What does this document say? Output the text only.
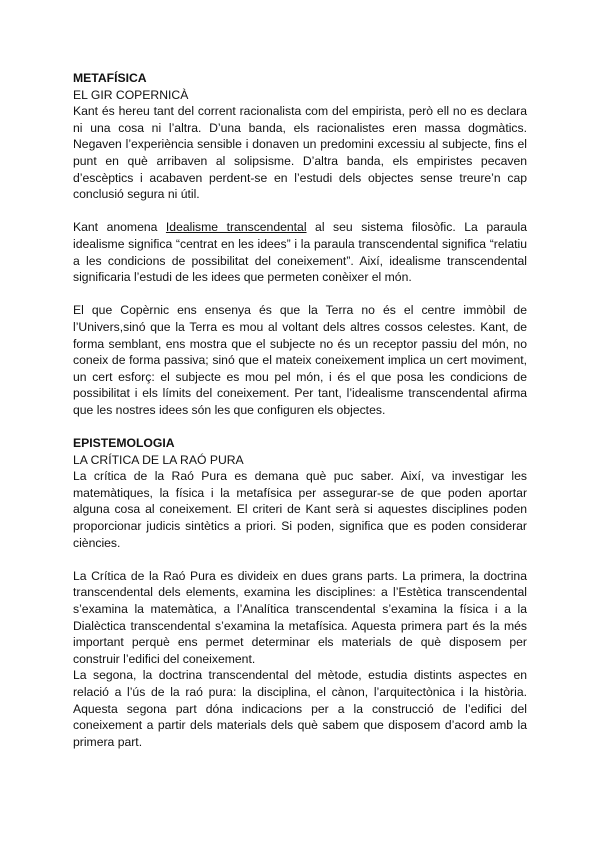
METAFÍSICA
EL GIR COPERNICÀ

Kant és hereu tant del corrent racionalista com del empirista, però ell no es declara ni una cosa ni l’altra. D’una banda, els racionalistes eren massa dogmàtics. Negaven l’experiència sensible i donaven un predomini excessiu al subjecte, fins el punt en què arribaven al solipsisme. D’altra banda, els empiristes pecaven d’escèptics i acabaven perdent-se en l’estudi dels objectes sense treure’n cap conclusió segura ni útil.

Kant anomena Idealisme transcendental al seu sistema filosòfic. La paraula idealisme significa “centrat en les idees” i la paraula transcendental significa “relatiu a les condicions de possibilitat del coneixement”. Així, idealisme transcendental significaria l’estudi de les idees que permeten conèixer el món.

El que Copèrnic ens ensenya és que la Terra no és el centre immòbil de l’Univers,sinó que la Terra es mou al voltant dels altres cossos celestes. Kant, de forma semblant, ens mostra que el subjecte no és un receptor passiu del món, no coneix de forma passiva; sinó que el mateix coneixement implica un cert moviment, un cert esforç: el subjecte es mou pel món, i és el que posa les condicions de possibilitat i els límits del coneixement. Per tant, l’idealisme transcendental afirma que les nostres idees són les que configuren els objectes.

EPISTEMOLOGIA
LA CRÍTICA DE LA RAÓ PURA

La crítica de la Raó Pura es demana què puc saber. Així, va investigar les matemàtiques, la física i la metafísica per assegurar-se de que poden aportar alguna cosa al coneixement. El criteri de Kant serà si aquestes disciplines poden proporcionar judicis sintètics a priori. Si poden, significa que es poden considerar ciències.

La Crítica de la Raó Pura es divideix en dues grans parts. La primera, la doctrina transcendental dels elements, examina les disciplines: a l’Estètica transcendental s’examina la matemàtica, a l’Analítica transcendental s’examina la física i a la Dialèctica transcendental s’examina la metafísica. Aquesta primera part és la més important perquè ens permet determinar els materials de què disposem per construir l’edifici del coneixement.

La segona, la doctrina transcendental del mètode, estudia distints aspectes en relació a l’ús de la raó pura: la disciplina, el cànon, l’arquitectònica i la història. Aquesta segona part dóna indicacions per a la construcció de l’edifici del coneixement a partir dels materials dels què sabem que disposem d’acord amb la primera part.
